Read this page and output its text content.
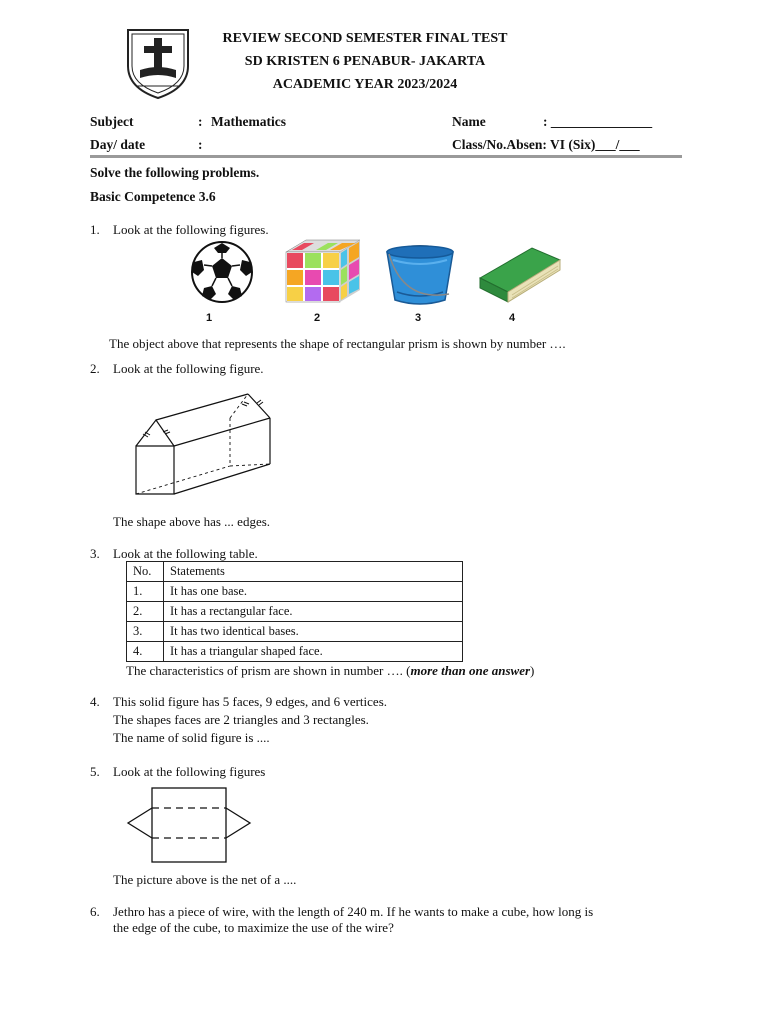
REVIEW SECOND SEMESTER FINAL TEST
SD KRISTEN 6 PENABUR- JAKARTA
ACADEMIC YEAR 2023/2024
Subject	: Mathematics	Name	: _______________
Day/ date	:	Class/No.Absen: VI (Six)___/___
Solve the following problems.
Basic Competence 3.6
1. Look at the following figures.
1	2	3	4
The object above that represents the shape of rectangular prism is shown by number ….
2. Look at the following figure.
The shape above has ... edges.
3. Look at the following table.
No.	Statements
1.	It has one base.
2.	It has a rectangular face.
3.	It has two identical bases.
4.	It has a triangular shaped face.
The characteristics of prism are shown in number …. (more than one answer)
4. This solid figure has 5 faces, 9 edges, and 6 vertices.
The shapes faces are 2 triangles and 3 rectangles.
The name of solid figure is ....
5. Look at the following figures
The picture above is the net of a ....
6. Jethro has a piece of wire, with the length of 240 m. If he wants to make a cube, how long is
the edge of the cube, to maximize the use of the wire?
